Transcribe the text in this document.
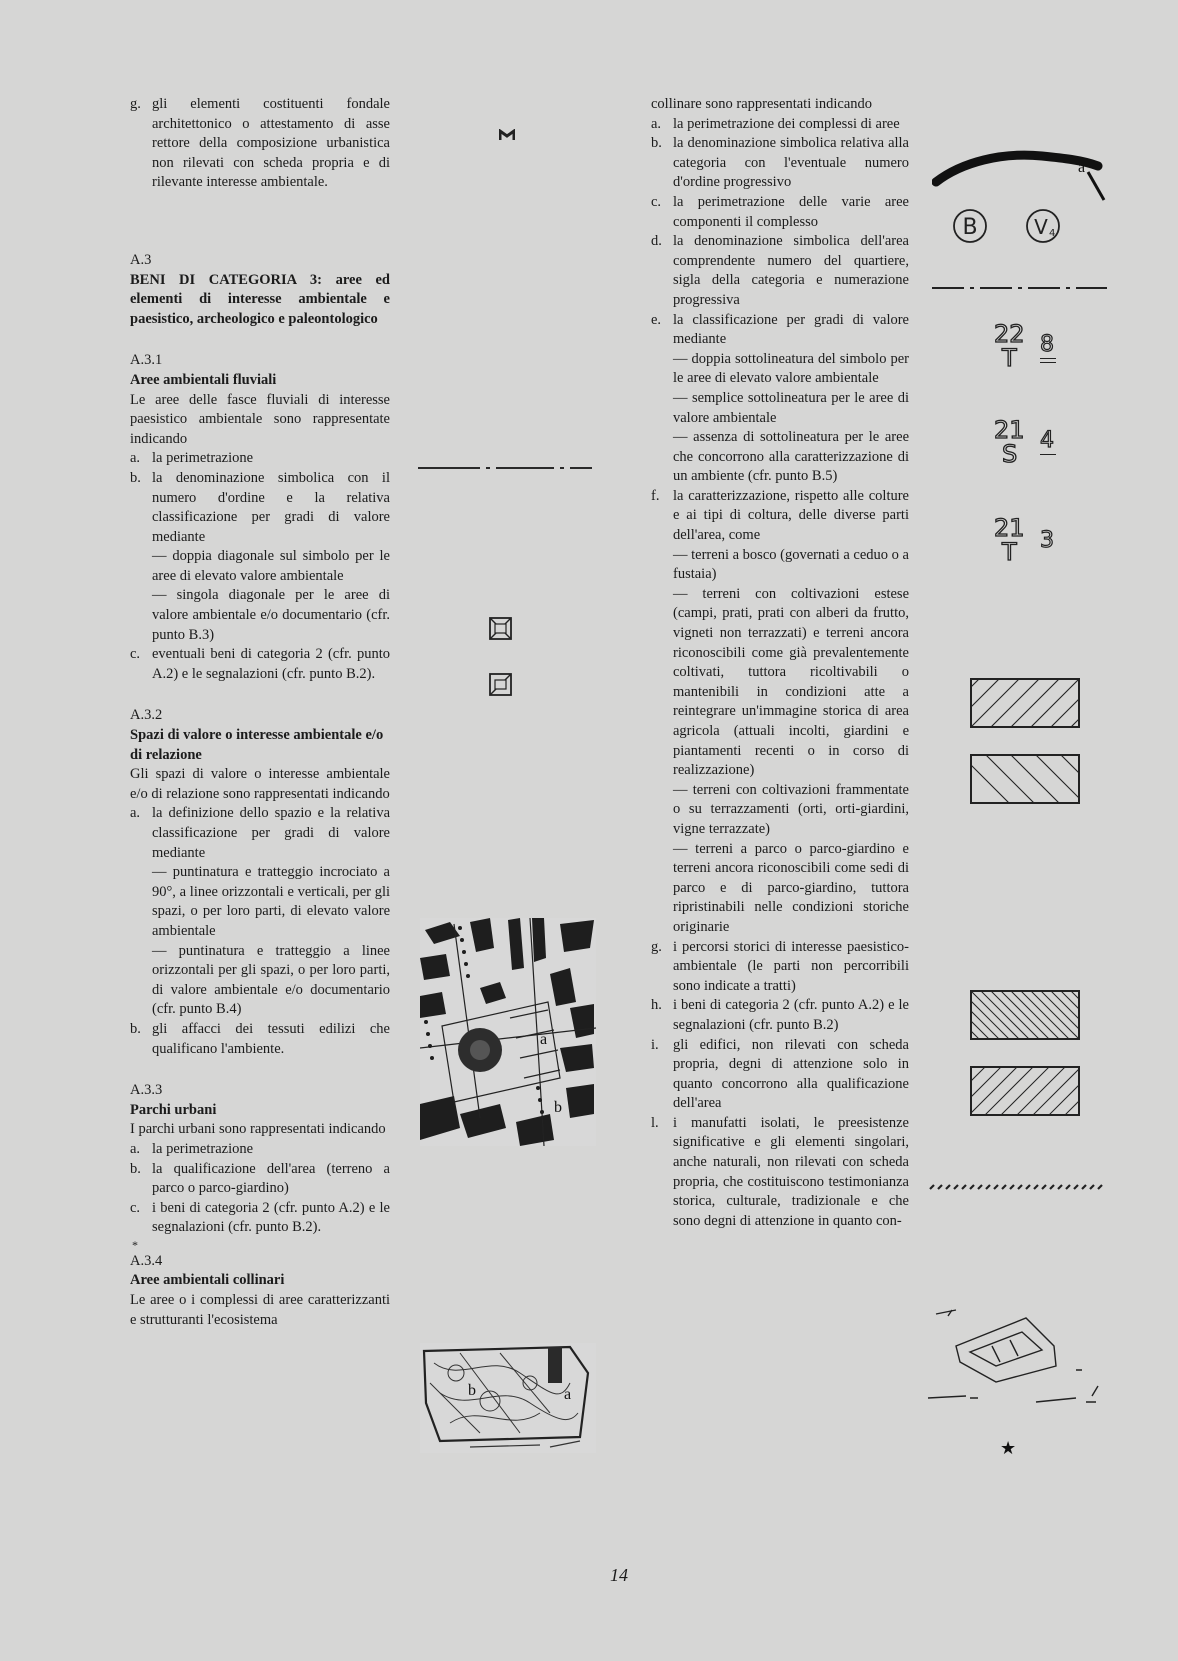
g. gli elementi costituenti fondale architettonico o attestamento di asse rettore della composizione urbanistica non rilevati con scheda propria e di rilevante interesse ambientale.

A.3

BENI DI CATEGORIA 3: aree ed elementi di interesse ambientale e paesistico, archeologico e paleontologico

A.3.1

Aree ambientali fluviali

Le aree delle fasce fluviali di interesse paesistico ambientale sono rappresentate indicando

a. la perimetrazione
b. la denominazione simbolica con il numero d'ordine e la relativa classificazione per gradi di valore mediante
— doppia diagonale sul simbolo per le aree di elevato valore ambientale
— singola diagonale per le aree di valore ambientale e/o documentario (cfr. punto B.3)
c. eventuali beni di categoria 2 (cfr. punto A.2) e le segnalazioni (cfr. punto B.2).

A.3.2

Spazi di valore o interesse ambientale e/o di relazione

Gli spazi di valore o interesse ambientale e/o di relazione sono rappresentati indicando

a. la definizione dello spazio e la relativa classificazione per gradi di valore mediante
— puntinatura e tratteggio incrociato a 90°, a linee orizzontali e verticali, per gli spazi, o per loro parti, di elevato valore ambientale
— puntinatura e tratteggio a linee orizzontali per gli spazi, o per loro parti, di valore ambientale e/o documentario (cfr. punto B.4)
b. gli affacci dei tessuti edilizi che qualificano l'ambiente.

A.3.3

Parchi urbani

I parchi urbani sono rappresentati indicando

a. la perimetrazione
b. la qualificazione dell'area (terreno a parco o parco-giardino)
c. i beni di categoria 2 (cfr. punto A.2) e le segnalazioni (cfr. punto B.2).

*

A.3.4

Aree ambientali collinari

Le aree o i complessi di aree caratterizzanti e strutturanti l'ecosistema

a
b
b	a

collinare sono rappresentati indicando

a. la perimetrazione dei complessi di aree
b. la denominazione simbolica relativa alla categoria con l'eventuale numero d'ordine progressivo
c. la perimetrazione delle varie aree componenti il complesso
d. la denominazione simbolica dell'area comprendente numero del quartiere, sigla della categoria e numerazione progressiva
e. la classificazione per gradi di valore mediante
— doppia sottolineatura del simbolo per le aree di elevato valore ambientale
— semplice sottolineatura per le aree di valore ambientale
— assenza di sottolineatura per le aree che concorrono alla caratterizzazione di un ambiente (cfr. punto B.5)
f. la caratterizzazione, rispetto alle colture e ai tipi di coltura, delle diverse parti dell'area, come
— terreni a bosco (governati a ceduo o a fustaia)
— terreni con coltivazioni estese (campi, prati, prati con alberi da frutto, vigneti non terrazzati) e terreni ancora riconoscibili come già prevalentemente coltivati, tuttora ricoltivabili o mantenibili in condizioni atte a reintegrare un'immagine storica di area agricola (attuali incolti, giardini e piantamenti recenti o in corso di realizzazione)
— terreni con coltivazioni frammentate o su terrazzamenti (orti, orti-giardini, vigne terrazzate)
— terreni a parco o parco-giardino e terreni ancora riconoscibili come sedi di parco e di parco-giardino, tuttora ripristinabili nelle condizioni storiche originarie
g. i percorsi storici di interesse paesistico-ambientale (le parti non percorribili sono indicate a tratti)
h. i beni di categoria 2 (cfr. punto A.2) e le segnalazioni (cfr. punto B.2)
i. gli edifici, non rilevati con scheda propria, degni di attenzione solo in quanto concorrono alla qualificazione dell'area
l. i manufatti isolati, le preesistenze significative e gli elementi singolari, anche naturali, non rilevati con scheda propria, che costituiscono testimonianza storica, culturale, tradizionale e che sono degni di attenzione in quanto con-
a
B	V 4
22
T 8
21
S 4
21
T 3
★
14
